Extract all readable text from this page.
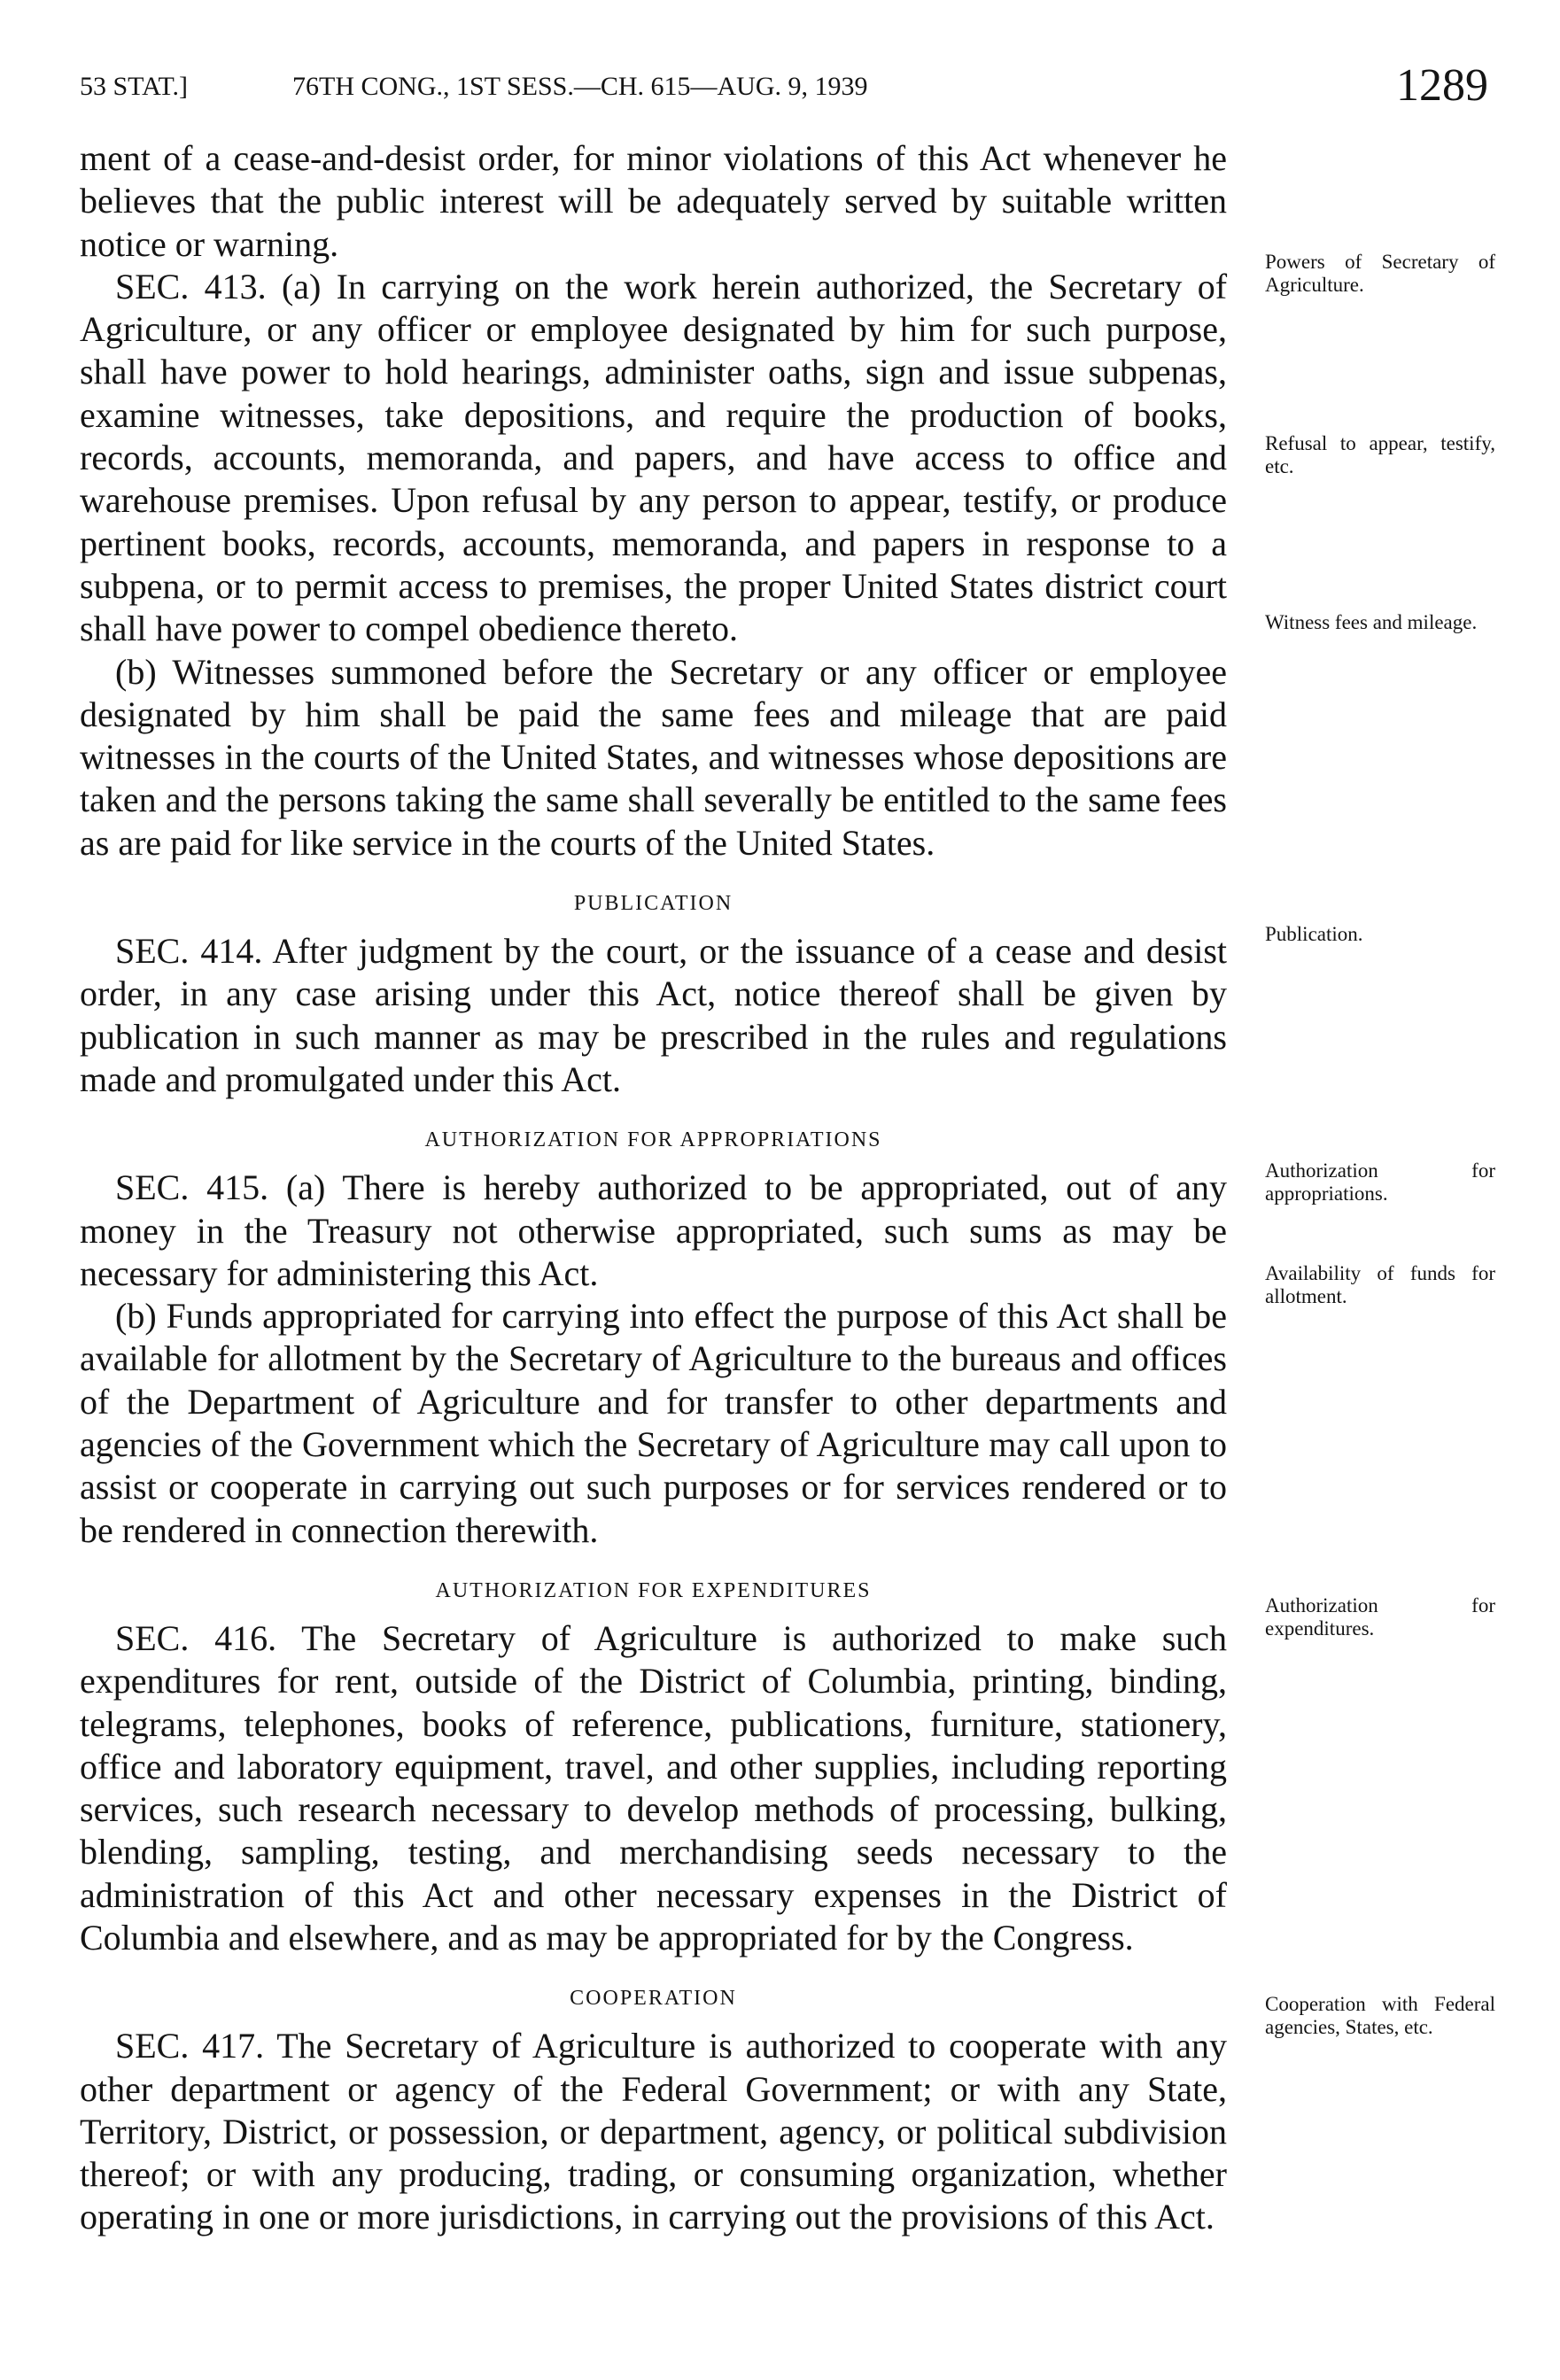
53 STAT.]	76TH CONG., 1ST SESS.—CH. 615—AUG. 9, 1939	1289

ment of a cease-and-desist order, for minor violations of this Act whenever he believes that the public interest will be adequately served by suitable written notice or warning.

SEC. 413. (a) In carrying on the work herein authorized, the Secretary of Agriculture, or any officer or employee designated by him for such purpose, shall have power to hold hearings, administer oaths, sign and issue subpenas, examine witnesses, take depositions, and require the production of books, records, accounts, memoranda, and papers, and have access to office and warehouse premises. Upon refusal by any person to appear, testify, or produce pertinent books, records, accounts, memoranda, and papers in response to a subpena, or to permit access to premises, the proper United States district court shall have power to compel obedience thereto.

(b) Witnesses summoned before the Secretary or any officer or employee designated by him shall be paid the same fees and mileage that are paid witnesses in the courts of the United States, and witnesses whose depositions are taken and the persons taking the same shall severally be entitled to the same fees as are paid for like service in the courts of the United States.

PUBLICATION

SEC. 414. After judgment by the court, or the issuance of a cease and desist order, in any case arising under this Act, notice thereof shall be given by publication in such manner as may be prescribed in the rules and regulations made and promulgated under this Act.

AUTHORIZATION FOR APPROPRIATIONS

SEC. 415. (a) There is hereby authorized to be appropriated, out of any money in the Treasury not otherwise appropriated, such sums as may be necessary for administering this Act.

(b) Funds appropriated for carrying into effect the purpose of this Act shall be available for allotment by the Secretary of Agriculture to the bureaus and offices of the Department of Agriculture and for transfer to other departments and agencies of the Government which the Secretary of Agriculture may call upon to assist or cooperate in carrying out such purposes or for services rendered or to be rendered in connection therewith.

AUTHORIZATION FOR EXPENDITURES

SEC. 416. The Secretary of Agriculture is authorized to make such expenditures for rent, outside of the District of Columbia, printing, binding, telegrams, telephones, books of reference, publications, furniture, stationery, office and laboratory equipment, travel, and other supplies, including reporting services, such research necessary to develop methods of processing, bulking, blending, sampling, testing, and merchandising seeds necessary to the administration of this Act and other necessary expenses in the District of Columbia and elsewhere, and as may be appropriated for by the Congress.

COOPERATION

SEC. 417. The Secretary of Agriculture is authorized to cooperate with any other department or agency of the Federal Government; or with any State, Territory, District, or possession, or department, agency, or political subdivision thereof; or with any producing, trading, or consuming organization, whether operating in one or more jurisdictions, in carrying out the provisions of this Act.

Powers of Secretary of Agriculture.
Refusal to appear, testify, etc.
Witness fees and mileage.
Publication.
Authorization for appropriations.
Availability of funds for allotment.
Authorization for expenditures.
Cooperation with Federal agencies, States, etc.
